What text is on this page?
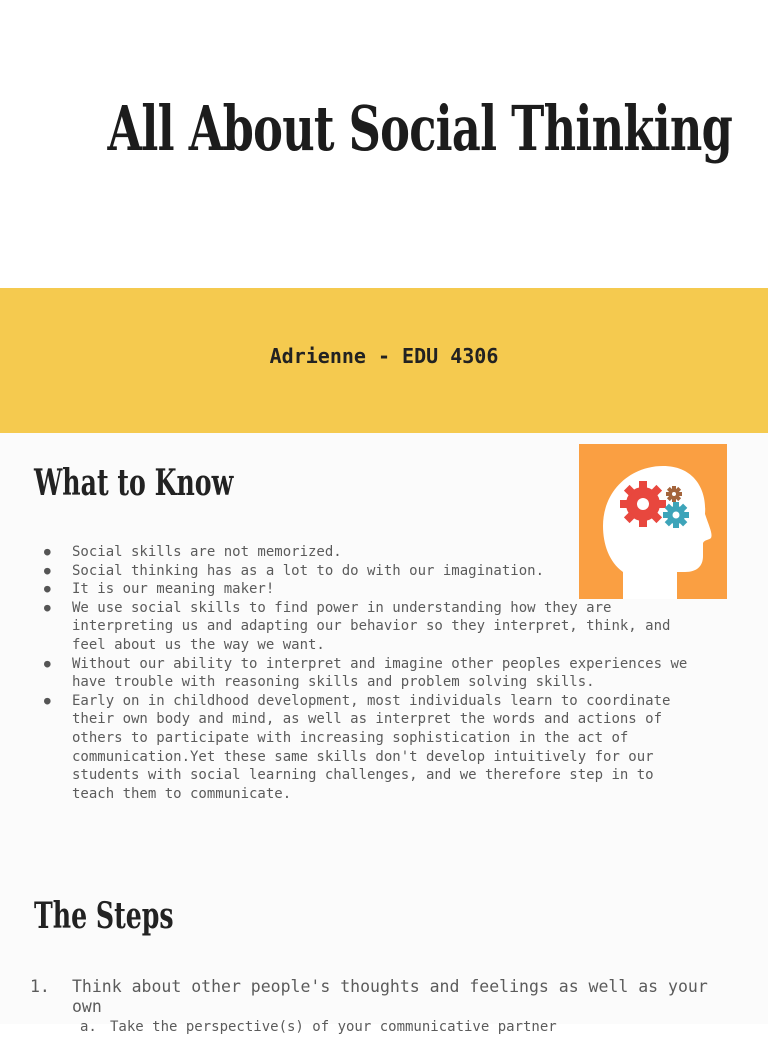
All About Social Thinking
Adrienne - EDU 4306
What to Know
● Social skills are not memorized.
● Social thinking has as a lot to do with our imagination.
● It is our meaning maker!
● We use social skills to find power in understanding how they are
interpreting us and adapting our behavior so they interpret, think, and
feel about us the way we want.
● Without our ability to interpret and imagine other peoples experiences we
have trouble with reasoning skills and problem solving skills.
● Early on in childhood development, most individuals learn to coordinate
their own body and mind, as well as interpret the words and actions of
others to participate with increasing sophistication in the act of
communication.Yet these same skills don't develop intuitively for our
students with social learning challenges, and we therefore step in to
teach them to communicate.
The Steps
1. Think about other people's thoughts and feelings as well as your own
a. Take the perspective(s) of your communicative partner
